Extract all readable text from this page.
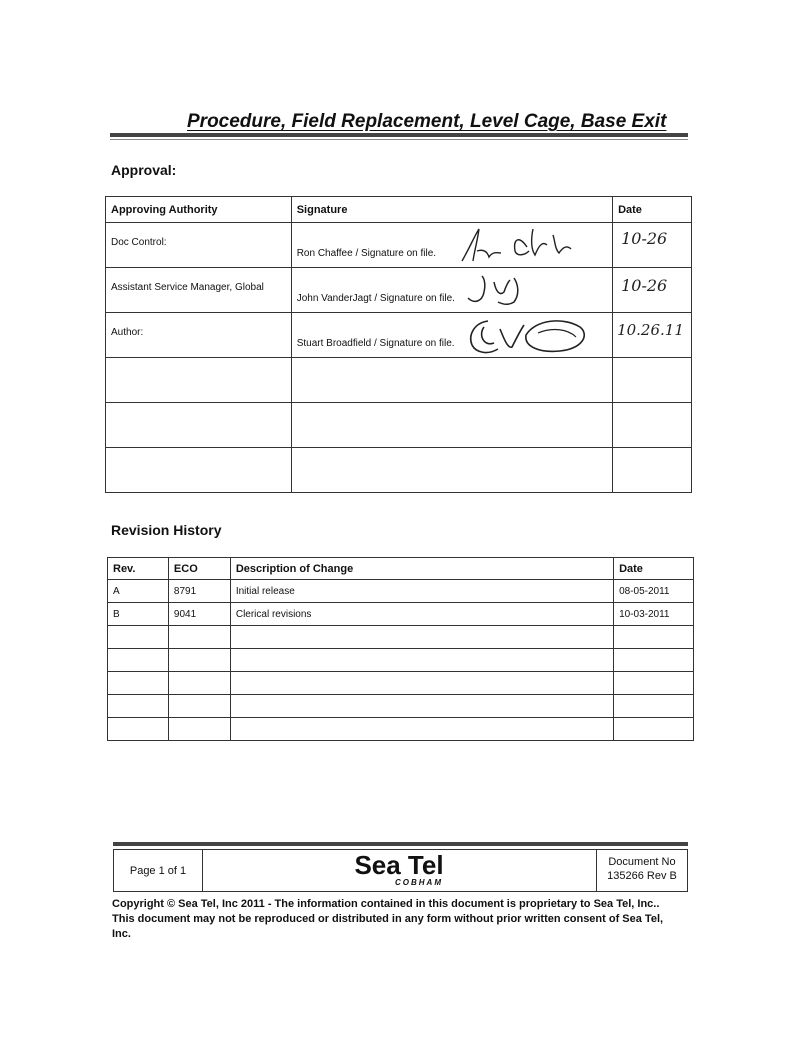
Procedure, Field Replacement, Level Cage, Base Exit
Approval:
Approving Authority	Signature	Date
Doc Control:	Ron Chaffee / Signature on file.	10-26

Assistant Service Manager, Global	John VanderJagt / Signature on file.	10-26

Author:	Stuart Broadfield / Signature on file.	10.26.11

Revision History
Rev.	ECO	Description of Change	Date
A	8791	Initial release	08-05-2011
B	9041	Clerical revisions	10-03-2011

Page 1 of 1	Sea Tel
COBHAM
Document No
135266 Rev B
Copyright © Sea Tel, Inc 2011 - The information contained in this document is proprietary to Sea Tel, Inc.. This document may not be reproduced or distributed in any form without prior written consent of Sea Tel, Inc.
